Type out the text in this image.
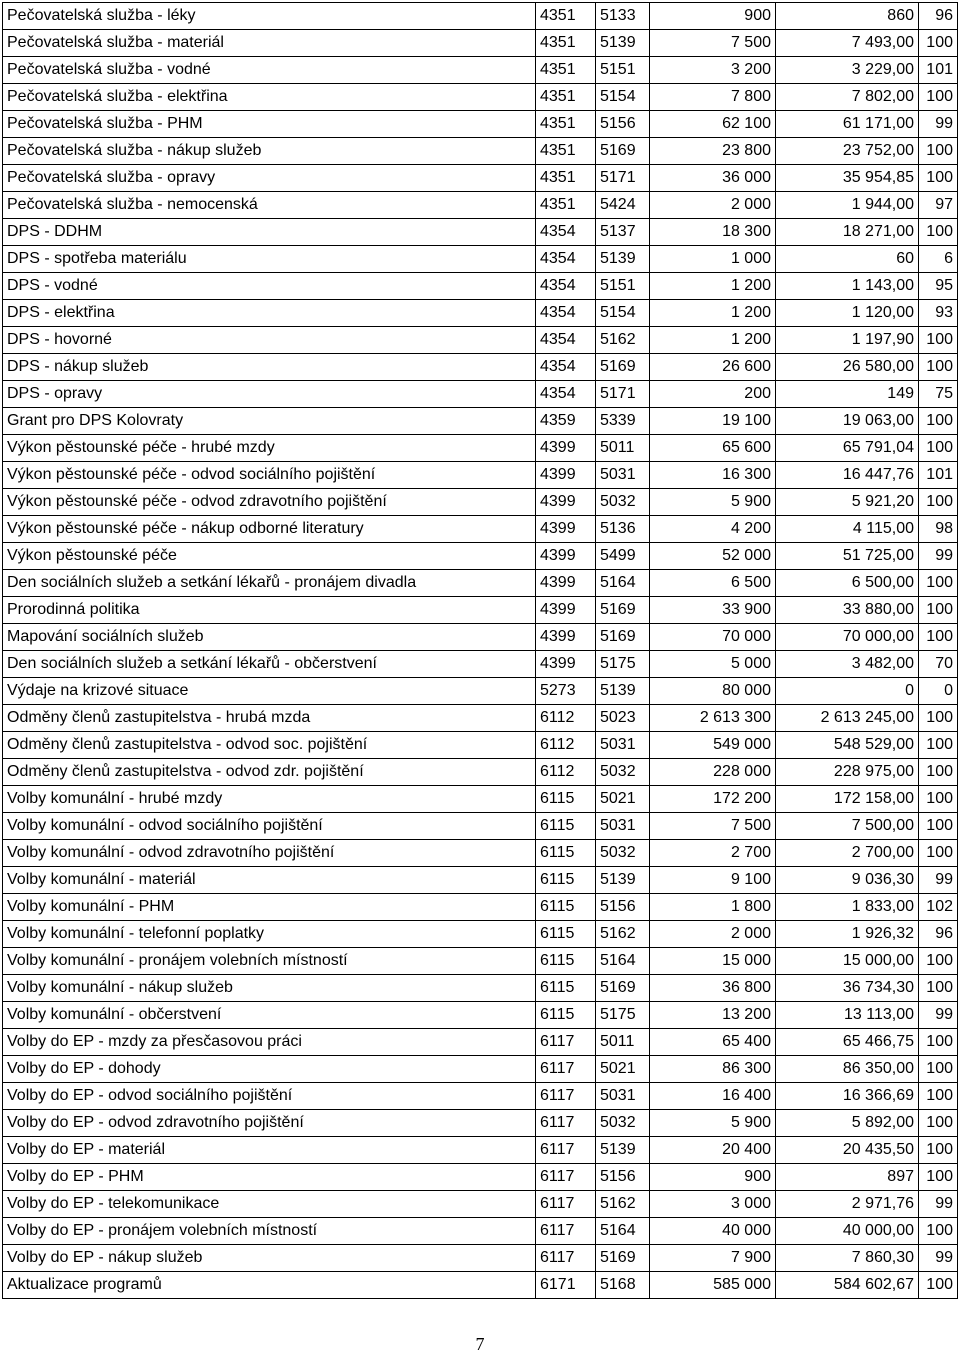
Pečovatelská služba - léky	4351	5133	900	860	96
Pečovatelská služba - materiál	4351	5139	7 500	7 493,00	100
Pečovatelská služba - vodné	4351	5151	3 200	3 229,00	101
Pečovatelská služba - elektřina	4351	5154	7 800	7 802,00	100
Pečovatelská služba - PHM	4351	5156	62 100	61 171,00	99
Pečovatelská služba - nákup služeb	4351	5169	23 800	23 752,00	100
Pečovatelská služba - opravy	4351	5171	36 000	35 954,85	100
Pečovatelská služba - nemocenská	4351	5424	2 000	1 944,00	97
DPS - DDHM	4354	5137	18 300	18 271,00	100
DPS - spotřeba materiálu	4354	5139	1 000	60	6
DPS - vodné	4354	5151	1 200	1 143,00	95
DPS - elektřina	4354	5154	1 200	1 120,00	93
DPS - hovorné	4354	5162	1 200	1 197,90	100
DPS - nákup služeb	4354	5169	26 600	26 580,00	100
DPS - opravy	4354	5171	200	149	75
Grant pro DPS Kolovraty	4359	5339	19 100	19 063,00	100
Výkon pěstounské péče - hrubé mzdy	4399	5011	65 600	65 791,04	100
Výkon pěstounské péče - odvod sociálního pojištění	4399	5031	16 300	16 447,76	101
Výkon pěstounské péče - odvod zdravotního pojištění	4399	5032	5 900	5 921,20	100
Výkon pěstounské péče - nákup odborné literatury	4399	5136	4 200	4 115,00	98
Výkon pěstounské péče	4399	5499	52 000	51 725,00	99
Den sociálních služeb a setkání lékařů - pronájem divadla	4399	5164	6 500	6 500,00	100
Prorodinná politika	4399	5169	33 900	33 880,00	100
Mapování sociálních služeb	4399	5169	70 000	70 000,00	100
Den sociálních služeb a setkání lékařů - občerstvení	4399	5175	5 000	3 482,00	70
Výdaje na krizové situace	5273	5139	80 000	0	0
Odměny členů zastupitelstva - hrubá mzda	6112	5023	2 613 300	2 613 245,00	100
Odměny členů zastupitelstva - odvod soc. pojištění	6112	5031	549 000	548 529,00	100
Odměny členů zastupitelstva - odvod zdr. pojištění	6112	5032	228 000	228 975,00	100
Volby komunální - hrubé mzdy	6115	5021	172 200	172 158,00	100
Volby komunální - odvod sociálního pojištění	6115	5031	7 500	7 500,00	100
Volby komunální - odvod zdravotního pojištění	6115	5032	2 700	2 700,00	100
Volby komunální - materiál	6115	5139	9 100	9 036,30	99
Volby komunální - PHM	6115	5156	1 800	1 833,00	102
Volby komunální - telefonní poplatky	6115	5162	2 000	1 926,32	96
Volby komunální - pronájem volebních místností	6115	5164	15 000	15 000,00	100
Volby komunální - nákup služeb	6115	5169	36 800	36 734,30	100
Volby komunální - občerstvení	6115	5175	13 200	13 113,00	99
Volby do EP - mzdy za přesčasovou práci	6117	5011	65 400	65 466,75	100
Volby do EP - dohody	6117	5021	86 300	86 350,00	100
Volby do EP - odvod sociálního pojištění	6117	5031	16 400	16 366,69	100
Volby do EP - odvod zdravotního pojištění	6117	5032	5 900	5 892,00	100
Volby do EP - materiál	6117	5139	20 400	20 435,50	100
Volby do EP - PHM	6117	5156	900	897	100
Volby do EP - telekomunikace	6117	5162	3 000	2 971,76	99
Volby do EP - pronájem volebních místností	6117	5164	40 000	40 000,00	100
Volby do EP - nákup služeb	6117	5169	7 900	7 860,30	99
Aktualizace programů	6171	5168	585 000	584 602,67	100
7
